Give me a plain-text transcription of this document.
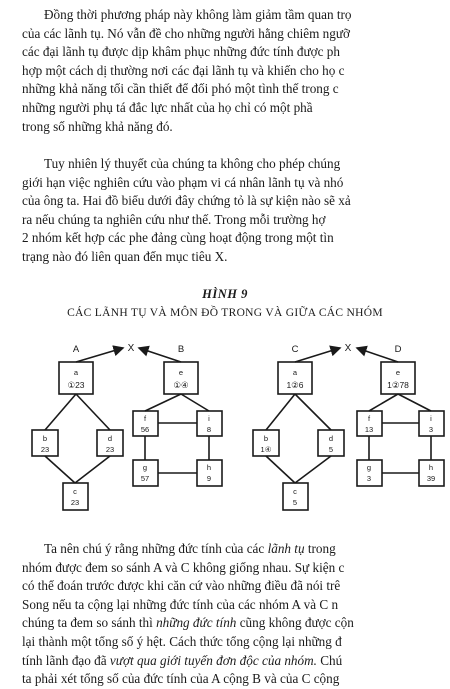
Đồng thời phương pháp này không làm giảm tầm quan trọ
của các lãnh tụ. Nó vẫn đề cho những người hằng chiêm ngưỡ
các đại lãnh tụ được dịp khâm phục những đức tính được ph
hợp một cách dị thường nơi các đại lãnh tụ và khiến cho họ c
những khả năng tối cần thiết để đối phó một tình thế trong c
những người phụ tá đắc lực nhất của họ chỉ có một phầ
trong số những khả năng đó.

Tuy nhiên lý thuyết của chúng ta không cho phép chúng
giới hạn việc nghiên cứu vào phạm vi cá nhân lãnh tụ và nhó
của ông ta. Hai đồ biểu dưới đây chứng tỏ là sự kiện nào sẽ xả
ra nếu chúng ta nghiên cứu như thế. Trong mỗi trường hợ
2 nhóm kết hợp các phe đảng cùng hoạt động trong một tìn
trạng nào đó liên quan đến mục tiêu X.

HÌNH 9
CÁC LÃNH TỤ VÀ MÔN ĐỒ TRONG VÀ GIỮA CÁC NHÓM
X	X
A
a
①23
b
23
d
23
c
23
B
e
①④
f
56
i
8
g
57
h
9
C
a
1②6
b
1④
d
5
c
5
D
e
1②78
f
13
i
3
g
3
h
39

Ta nên chú ý rằng những đức tính của các lãnh tụ trong
nhóm được đem so sánh A và C không giống nhau. Sự kiện c
có thể đoán trước được khi căn cứ vào những điều đã nói trê
Song nếu ta cộng lại những đức tính của các nhóm A và C n
chúng ta đem so sánh thì những đức tính cũng không được cộn
lại thành một tổng số ý hệt. Cách thức tổng cộng lại những đ
tính lãnh đạo đã vượt qua giới tuyến đơn độc của nhóm. Chú
ta phải xét tổng số của đức tính của A cộng B và của C cộng
